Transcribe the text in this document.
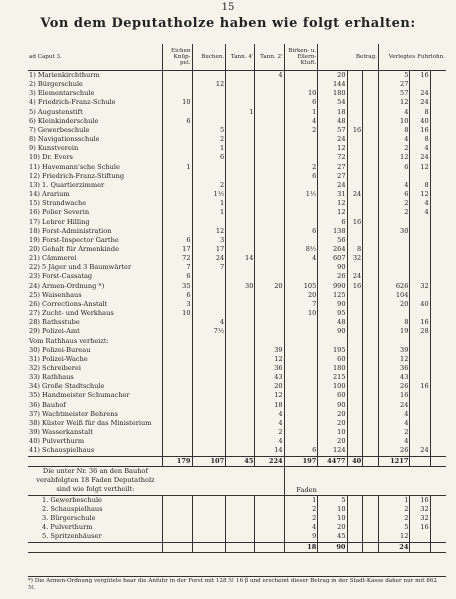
15
Von dem Deputatholze haben wie folgt erhalten:
ad Caput 3.	Eichen Knüp-pel.	Buchen.	Tann. 4'	Tann. 2'	Birken- u. Ellern-Kluft.	Betrag.			Verlegtes Fuhrlohn.		
1) Marienkirchthurm				4		20			5	16	
2) Bürgerschule		12				144			27		
3) Elementarschule					10	180			57	24	
4) Friedrich-Franz-Schule	10				6	54			12	24	
5) Augustenstift			1		1	18			4	8	
6) Kleinkinderschule	6				4	48			10	40	
7) Gewerbeschule		5			2	57	16		8	16	
8) Navigationsschule		2				24			4	8	
9) Kunstverein		1				12			2	4	
10) Dr. Evers		6				72			12	24	
11) Havemann'sche Schule	1				2	27			6	12	
12) Friedrich-Franz-Stiftung					6	27					
13) 1. Quartierzimmer		2				24			4	8	
14) Ararium		1½			1½	31	24		6	12	
15) Strandwache		1				12			2	4	
16) Polier Severin		1				12			2	4	
17) Lehrer Hilling						6	16				
18) Forst-Administration		12			6	138			30		
19) Forst-Inspector Garthe	6	3				56					
20) Gehalt für Armenkinde	17	17			8½	264	8				
21) Cämmerei	72	24	14		4	607	32				
22) 5 Jäger und 3 Baumwärter	7	7				90					
23) Forst-Cassatag	6					26	24				
24) Armen-Ordnung *)	35		30	20	105	990	16		626	32	
25) Waisenhaus	6				20	125			104		
26) Corrections-Anstalt	3				7	90			20	40	
27) Zucht- und Werkhaus	10				10	95					
28) Rathsstube		4				48			8	16	
29) Polizei-Amt		7½				90			19	28	
Vom Rathhaus verheizt:											
30) Polizei-Bureau				39		195			39		
31) Polizei-Wache				12		60			12		
32) Schreiberei				36		180			36		
33) Rathhaus				43		215			43		
34) Große Stadtschule				20		100			26	16	
35) Handmeister Schumacher				12		60			16		
36) Bauhof				18		90			24		
37) Wachtmeister Behrens				4		20			4		
38) Küster Weiß für das Ministerium				4		20			4		
39) Wasserkanstalt				2		10			2		
40) Pulverthurm				4		20			4		
41) Schauspielhaus				14	6	124			26	24	
	179	107	45	224	197	4477	40		1217		
Die unter Nr. 36 an den Bauhof verabfolgten 18 Faden Deputatholz sind wie folgt vertheilt:					Faden						
1. Gewerbeschule					1	5			1	16	
2. Schauspielhaus					2	10			2	32	
3. Bürgerschule					2	10			2	32	
4. Pulverthurm					4	20			5	16	
5. Spritzenhäuser					9	45			12		
					18	90			24		
*) Die Armen-Ordnung vergütete baar die Anfuhr in der Forst mit 128 ℳ 16 β und erscheint dieser Betrag in der Stadt-Kasse daher nur mit 862 ℳ.
